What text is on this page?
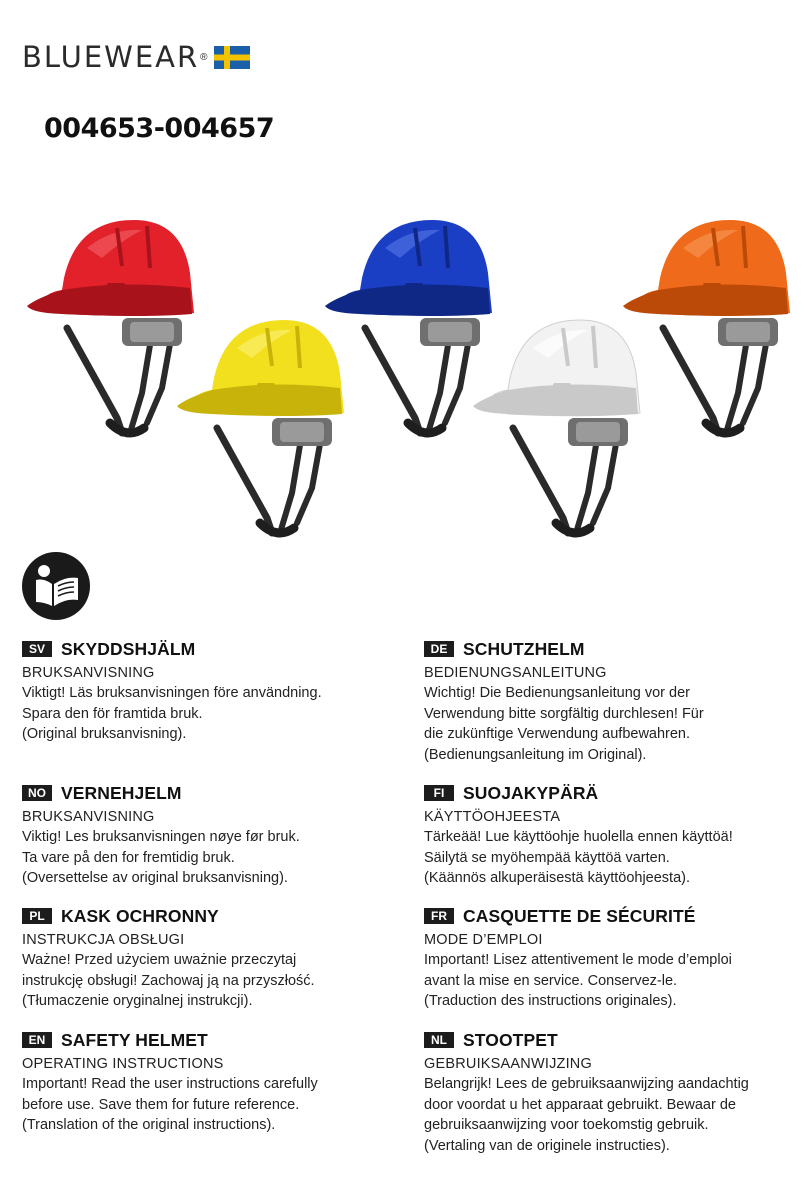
BLUEWEAR ®
004653-004657
SV SKYDDSHJÄLM
BRUKSANVISNING
Viktigt! Läs bruksanvisningen före användning.
Spara den för framtida bruk.
(Original bruksanvisning).
NO VERNEHJELM
BRUKSANVISNING
Viktig! Les bruksanvisningen nøye før bruk.
Ta vare på den for fremtidig bruk.
(Oversettelse av original bruksanvisning).
PL KASK OCHRONNY
INSTRUKCJA OBSŁUGI
Ważne! Przed użyciem uważnie przeczytaj
instrukcję obsługi! Zachowaj ją na przyszłość.
(Tłumaczenie oryginalnej instrukcji).
EN SAFETY HELMET
OPERATING INSTRUCTIONS
Important! Read the user instructions carefully
before use. Save them for future reference.
(Translation of the original instructions).
DE SCHUTZHELM
BEDIENUNGSANLEITUNG
Wichtig! Die Bedienungsanleitung vor der
Verwendung bitte sorgfältig durchlesen! Für
die zukünftige Verwendung aufbewahren.
(Bedienungsanleitung im Original).
FI	SUOJAKYPÄRÄ
KÄYTTÖOHJEESTA
Tärkeää! Lue käyttöohje huolella ennen käyttöä!
Säilytä se myöhempää käyttöä varten.
(Käännös alkuperäisestä käyttöohjeesta).
FR CASQUETTE DE SÉCURITÉ
MODE D’EMPLOI
Important! Lisez attentivement le mode d’emploi
avant la mise en service. Conservez-le.
(Traduction des instructions originales).
NL STOOTPET
GEBRUIKSAANWIJZING
Belangrijk! Lees de gebruiksaanwijzing aandachtig
door voordat u het apparaat gebruikt. Bewaar de
gebruiksaanwijzing voor toekomstig gebruik.
(Vertaling van de originele instructies).
